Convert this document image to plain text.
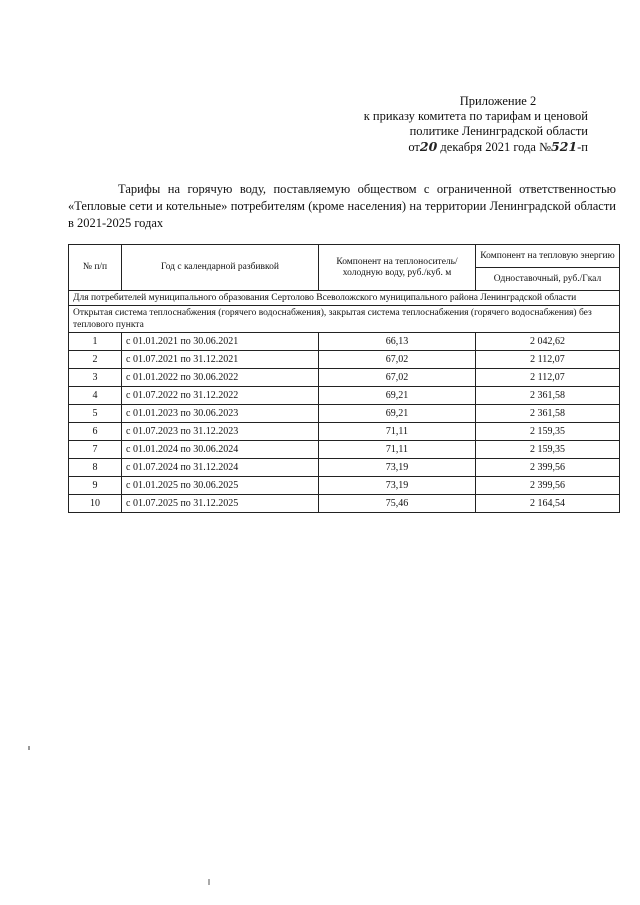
Приложение 2
к приказу комитета по тарифам и ценовой
политике Ленинградской области
от20 декабря 2021 года №521-п
Тарифы на горячую воду, поставляемую обществом с ограниченной ответственностью «Тепловые сети и котельные» потребителям (кроме населения) на территории Ленинградской области в 2021-2025 годах
№ п/п	Год с календарной разбивкой	Компонент на теплоноситель/ холодную воду, руб./куб. м	Компонент на тепловую энергию
			Одноставочный, руб./Гкал
Для потребителей муниципального образования Сертолово Всеволожского муниципального района Ленинградской области			
Открытая система теплоснабжения (горячего водоснабжения), закрытая система теплоснабжения (горячего водоснабжения) без теплового пункта			
1	с 01.01.2021 по 30.06.2021	66,13	2 042,62
2	с 01.07.2021 по 31.12.2021	67,02	2 112,07
3	с 01.01.2022 по 30.06.2022	67,02	2 112,07
4	с 01.07.2022 по 31.12.2022	69,21	2 361,58
5	с 01.01.2023 по 30.06.2023	69,21	2 361,58
6	с 01.07.2023 по 31.12.2023	71,11	2 159,35
7	с 01.01.2024 по 30.06.2024	71,11	2 159,35
8	с 01.07.2024 по 31.12.2024	73,19	2 399,56
9	с 01.01.2025 по 30.06.2025	73,19	2 399,56
10	с 01.07.2025 по 31.12.2025	75,46	2 164,54
